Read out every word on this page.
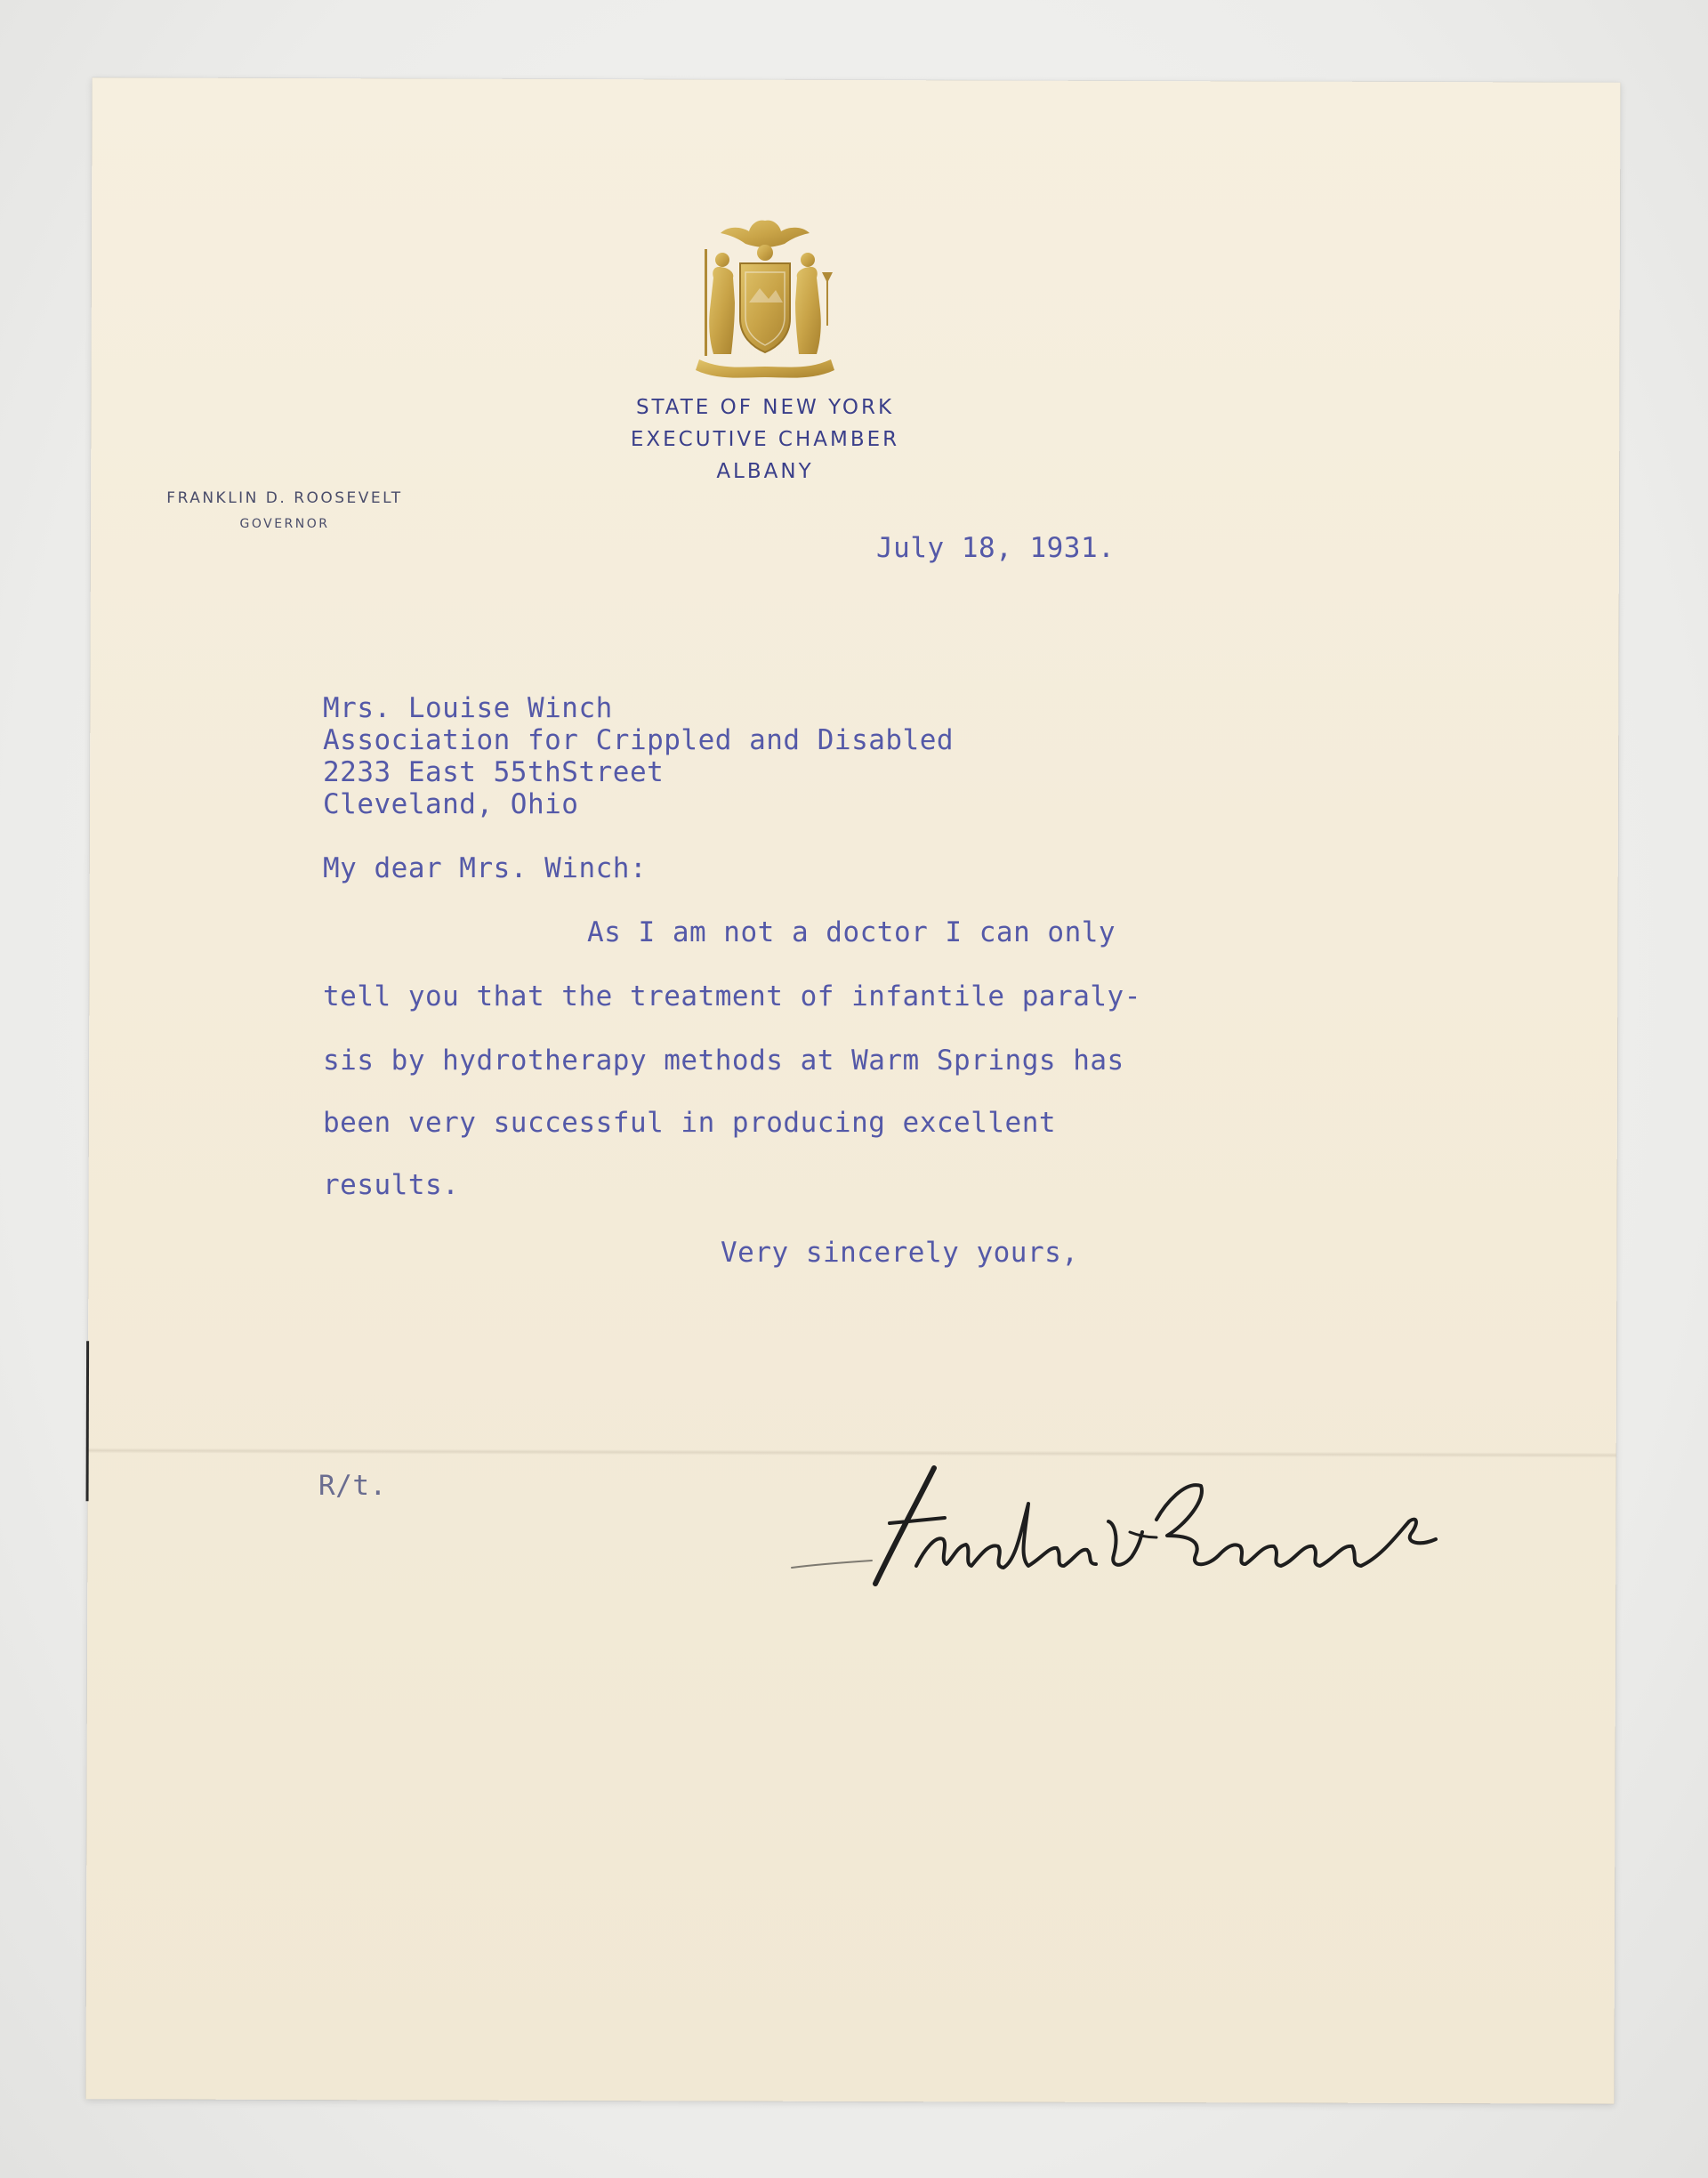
STATE OF NEW YORK
EXECUTIVE CHAMBER
ALBANY
FRANKLIN D. ROOSEVELT
GOVERNOR
July 18, 1931.
Mrs. Louise Winch
Association for Crippled and Disabled
2233 East 55thStreet
Cleveland, Ohio
My dear Mrs. Winch:
As I am not a doctor I can only
tell you that the treatment of infantile paraly-
sis by hydrotherapy methods at Warm Springs has
been very successful in producing excellent
results.
Very sincerely yours,
R/t.
